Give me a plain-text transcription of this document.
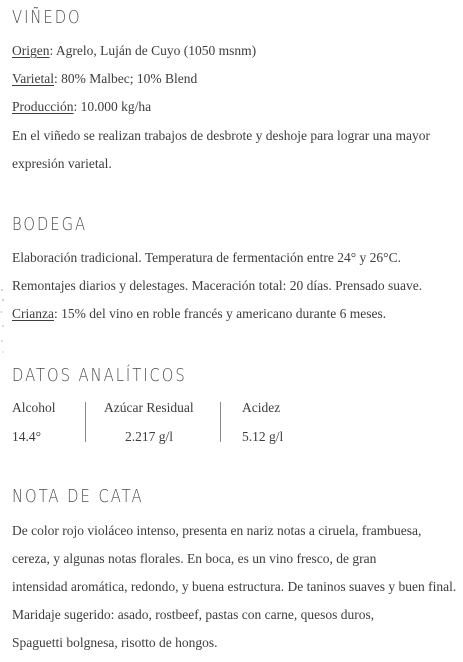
VIÑEDO
Origen: Agrelo, Luján de Cuyo (1050 msnm)
Varietal: 80% Malbec; 10% Blend
Producción: 10.000 kg/ha
En el viñedo se realizan trabajos de desbrote y deshoje para lograr una mayor
expresión varietal.
BODEGA
Elaboración tradicional. Temperatura de fermentación entre 24° y 26°C.
Remontajes diarios y delestages. Maceración total: 20 días. Prensado suave.
Crianza: 15% del vino en roble francés y americano durante 6 meses.
DATOS ANALÍTICOS
Alcohol
14.4°
Azúcar Residual
2.217 g/l
Acidez
5.12 g/l
NOTA DE CATA
De color rojo violáceo intenso, presenta en nariz notas a ciruela, frambuesa,
cereza, y algunas notas florales. En boca, es un vino fresco, de gran
intensidad aromática, redondo, y buena estructura. De taninos suaves y buen final.
Maridaje sugerido: asado, rostbeef, pastas con carne, quesos duros,
Spaguetti bolgnesa, risotto de hongos.
